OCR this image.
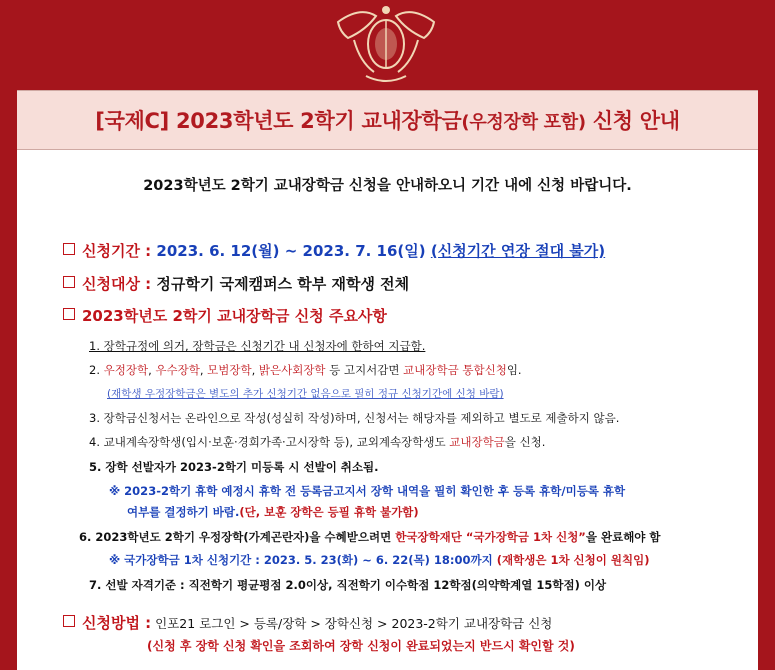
[국제C] 2023학년도 2학기 교내장학금(우정장학 포함) 신청 안내
2023학년도 2학기 교내장학금 신청을 안내하오니 기간 내에 신청 바랍니다.
신청기간 : 2023. 6. 12(월) ~ 2023. 7. 16(일) (신청기간 연장 절대 불가)
신청대상 : 정규학기 국제캠퍼스 학부 재학생 전체
2023학년도 2학기 교내장학금 신청 주요사항
1. 장학규정에 의거, 장학금은 신청기간 내 신청자에 한하여 지급함.
2. 우정장학, 우수장학, 모범장학, 밝은사회장학 등 고지서감면 교내장학금 통합신청임.
(재학생 우정장학금은 별도의 추가 신청기간 없음으로 필히 정규 신청기간에 신청 바람)
3. 장학금신청서는 온라인으로 작성(성실히 작성)하며, 신청서는 해당자를 제외하고 별도로 제출하지 않음.
4. 교내계속장학생(입시·보훈·경희가족·고시장학 등), 교외계속장학생도 교내장학금을 신청.
5. 장학 선발자가 2023-2학기 미등록 시 선발이 취소됨.
※ 2023-2학기 휴학 예정시 휴학 전 등록금고지서 장학 내역을 필히 확인한 후 등록 휴학/미등록 휴학
여부를 결정하기 바람.(단, 보훈 장학은 등필 휴학 불가함)
6. 2023학년도 2학기 우정장학(가계곤란자)을 수혜받으려면 한국장학재단 “국가장학금 1차 신청”을 완료해야 함
※ 국가장학금 1차 신청기간 : 2023. 5. 23(화) ~ 6. 22(목) 18:00까지 (재학생은 1차 신청이 원칙임)
7. 선발 자격기준 : 직전학기 평균평점 2.0이상, 직전학기 이수학점 12학점(의약학계열 15학점) 이상
신청방법 : 인포21 로그인 > 등록/장학 > 장학신청 > 2023-2학기 교내장학금 신청
(신청 후 장학 신청 확인을 조회하여 장학 신청이 완료되었는지 반드시 확인할 것)
